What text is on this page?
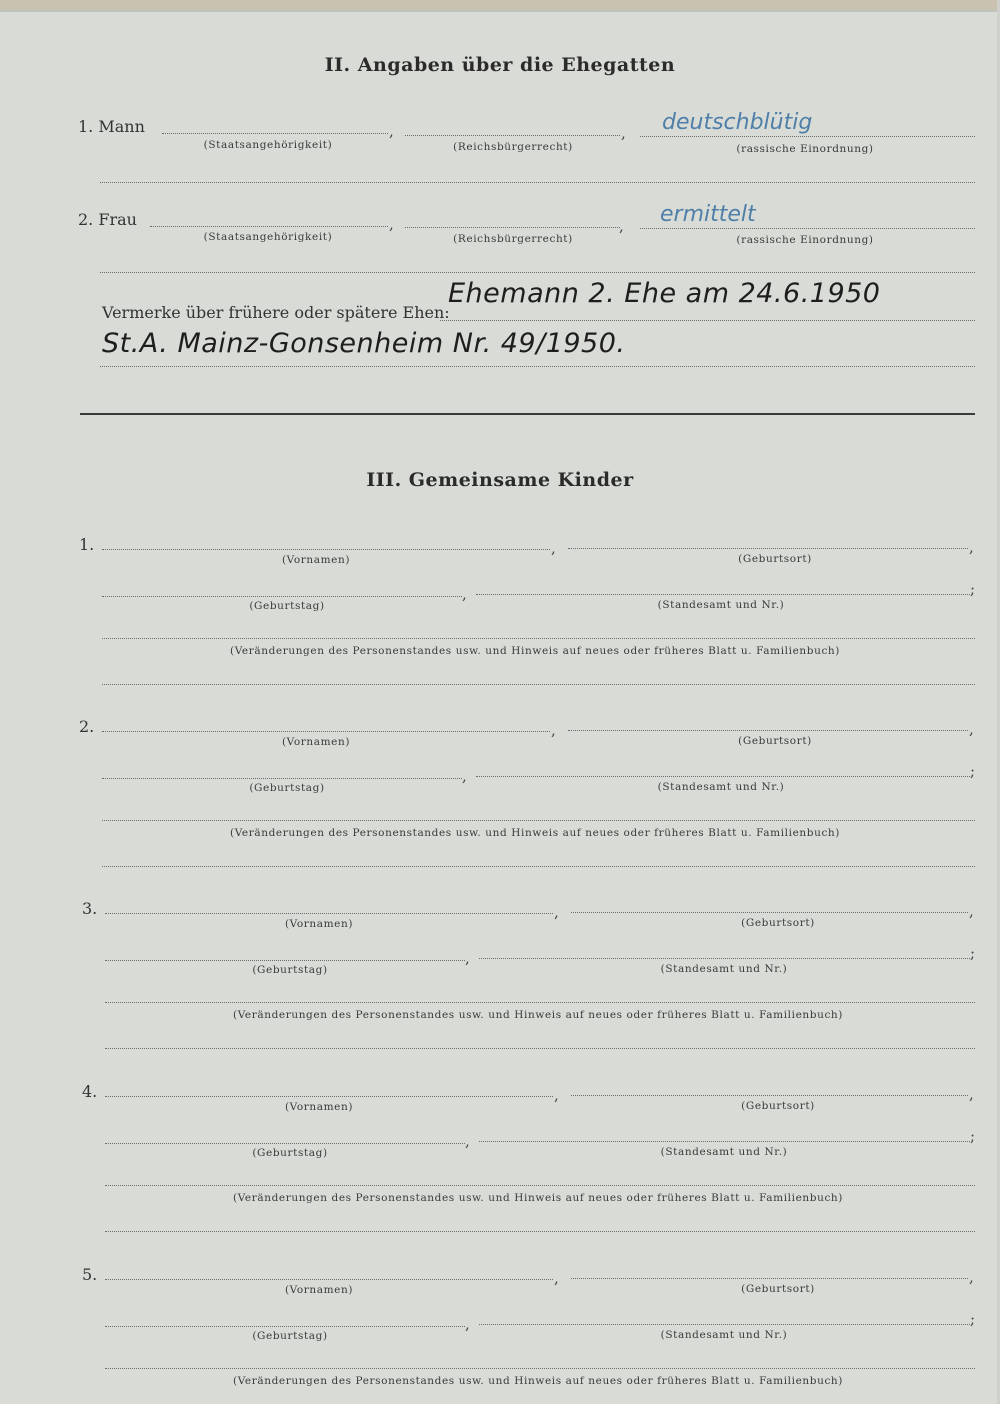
II. Angaben über die Ehegatten
1. Mann	,	, deutschblütig
(Staatsangehörigkeit)	(Reichsbürgerrecht)	(rassische Einordnung)
2. Frau	,	, ermittelt
(Staatsangehörigkeit)	(Reichsbürgerrecht)	(rassische Einordnung)
Vermerke über frühere oder spätere Ehen:
Ehemann 2. Ehe am 24.6.1950
St.A. Mainz-Gonsenheim Nr. 49/1950.
III. Gemeinsame Kinder
1.	,	,
(Vornamen)	(Geburtsort)
,	;
(Geburtstag)	(Standesamt und Nr.)
(Veränderungen des Personenstandes usw. und Hinweis auf neues oder früheres Blatt u. Familienbuch)
2.	,	,
(Vornamen)	(Geburtsort)
,	;
(Geburtstag)	(Standesamt und Nr.)
(Veränderungen des Personenstandes usw. und Hinweis auf neues oder früheres Blatt u. Familienbuch)
3.	,	,
(Vornamen)	(Geburtsort)
,	;
(Geburtstag)	(Standesamt und Nr.)
(Veränderungen des Personenstandes usw. und Hinweis auf neues oder früheres Blatt u. Familienbuch)
4.	,	,
(Vornamen)	(Geburtsort)
,	;
(Geburtstag)	(Standesamt und Nr.)
(Veränderungen des Personenstandes usw. und Hinweis auf neues oder früheres Blatt u. Familienbuch)
5.	,	,
(Vornamen)	(Geburtsort)
,	;
(Geburtstag)	(Standesamt und Nr.)
(Veränderungen des Personenstandes usw. und Hinweis auf neues oder früheres Blatt u. Familienbuch)
